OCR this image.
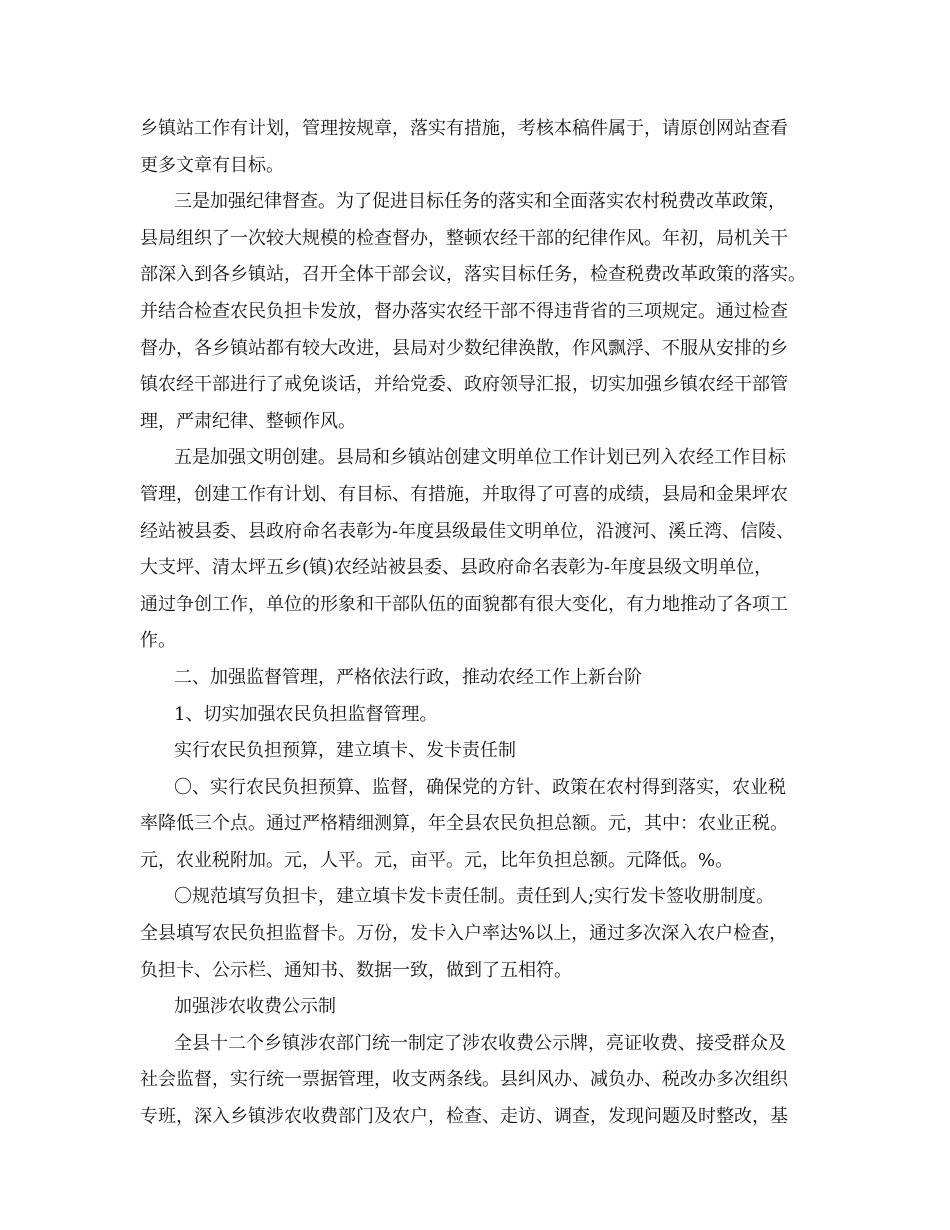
乡镇站工作有计划，管理按规章，落实有措施，考核本稿件属于，请原创网站查看
更多文章有目标。
三是加强纪律督查。为了促进目标任务的落实和全面落实农村税费改革政策，
县局组织了一次较大规模的检查督办，整顿农经干部的纪律作风。年初，局机关干
部深入到各乡镇站，召开全体干部会议，落实目标任务，检查税费改革政策的落实。
并结合检查农民负担卡发放，督办落实农经干部不得违背省的三项规定。通过检查
督办，各乡镇站都有较大改进，县局对少数纪律涣散，作风飘浮、不服从安排的乡
镇农经干部进行了戒免谈话，并给党委、政府领导汇报，切实加强乡镇农经干部管
理，严肃纪律、整顿作风。
五是加强文明创建。县局和乡镇站创建文明单位工作计划已列入农经工作目标
管理，创建工作有计划、有目标、有措施，并取得了可喜的成绩，县局和金果坪农
经站被县委、县政府命名表彰为-年度县级最佳文明单位，沿渡河、溪丘湾、信陵、
大支坪、清太坪五乡(镇)农经站被县委、县政府命名表彰为-年度县级文明单位，
通过争创工作，单位的形象和干部队伍的面貌都有很大变化，有力地推动了各项工
作。
二、加强监督管理，严格依法行政，推动农经工作上新台阶
1、切实加强农民负担监督管理。
实行农民负担预算，建立填卡、发卡责任制
〇、实行农民负担预算、监督，确保党的方针、政策在农村得到落实，农业税
率降低三个点。通过严格精细测算，年全县农民负担总额。元，其中：农业正税。
元，农业税附加。元，人平。元，亩平。元，比年负担总额。元降低。%。
〇规范填写负担卡，建立填卡发卡责任制。责任到人;实行发卡签收册制度。
全县填写农民负担监督卡。万份，发卡入户率达%以上，通过多次深入农户检查，
负担卡、公示栏、通知书、数据一致，做到了五相符。
加强涉农收费公示制
全县十二个乡镇涉农部门统一制定了涉农收费公示牌，亮证收费、接受群众及
社会监督，实行统一票据管理，收支两条线。县纠风办、减负办、税改办多次组织
专班，深入乡镇涉农收费部门及农户，检查、走访、调查，发现问题及时整改，基
